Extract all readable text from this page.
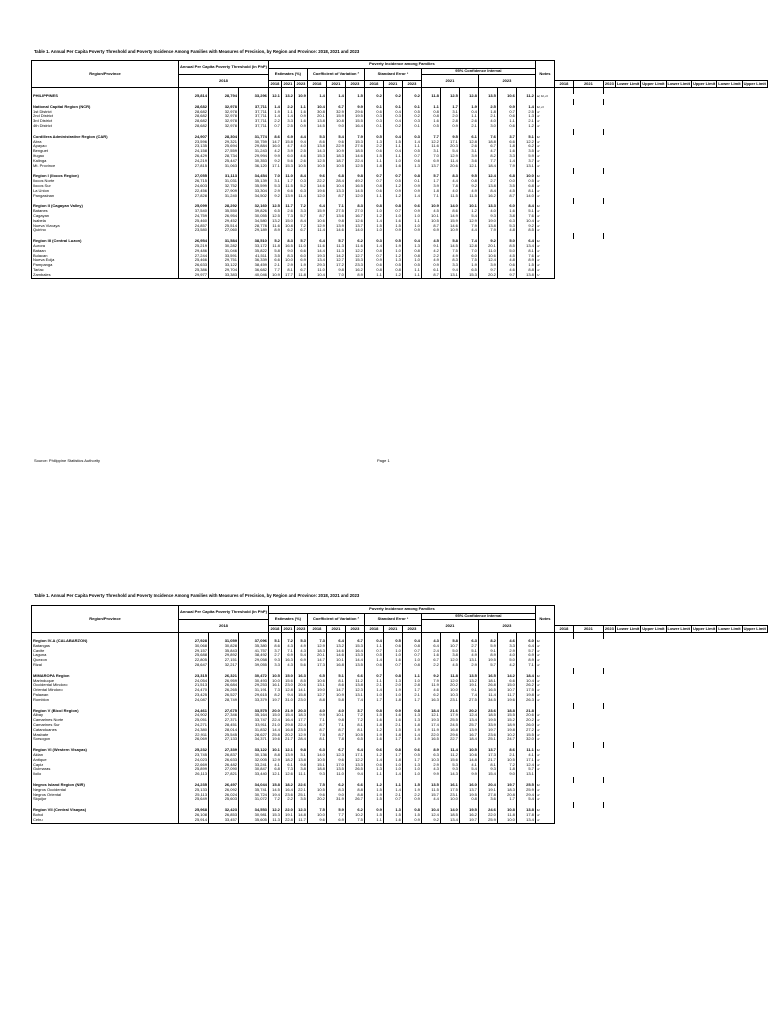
Table 1. Annual Per Capita Poverty Threshold and Poverty Incidence Among Families with Measures of Precision, by Region and Province: 2018, 2021 and 2023
Region/Province	Annual Per Capita Poverty Threshold (in PhP)			Poverty Incidence among Families															Notes									
				Estimates (%)			Coefficient of Variation ²			Standard Error ³			95% Confidence Interval															
	2018												2021			2023												
				2018	2021	2023	2018	2021	2023	2018	2021	2023								2018	2021	2023	Lower Limit	Upper Limit	Lower Limit	Upper Limit	Lower Limit	Upper Limit

PHILIPPINES	25,814	28,794	33,296	12.1	13.2	10.9	1.4	1.4	1.5	0.2	0.2	0.2	11.8	12.5	12.8	13.5	10.6	11.2	a/, b/, c/									

National Capital Region (NCR)	28,682	32,978	37,711	1.4	2.2	1.1	10.4	6.7	9.9	0.1	0.1	0.1	1.1	1.7	1.9	2.5	0.9	1.4	b/, c/									
1st District	28,682	32,978	37,711	1.9	1.1	1.6	30.8	32.9	29.6	0.6	0.4	0.5	0.8	3.1	0.4	1.8	0.7	2.5	d/									
2nd District	28,682	32,978	37,711	1.4	1.4	0.9	20.1	15.9	19.5	0.3	0.3	0.2	0.8	2.0	1.1	2.1	0.6	1.3	d/									
3rd District	28,682	32,978	37,711	2.2	3.3	1.6	13.8	10.8	15.5	0.3	0.4	0.3	1.6	2.8	2.6	4.0	1.1	2.1	d/									
4th District	28,682	32,978	37,711	0.7	2.5	0.9	14.5	9.0	16.4	0.1	0.2	0.1	0.5	0.9	2.1	3.0	0.6	1.2	d/									

Cordillera Administrative Region (CAR)	24,907	28,304	31,774	8.6	6.9	4.4	5.3	5.4	7.9	0.5	0.4	0.3	7.7	9.5	6.1	7.6	3.7	5.1	b/									
Abra	23,596	29,321	30,759	14.7	15.8	9.4	8.6	9.6	15.3	1.3	1.5	1.4	12.2	17.1	12.8	18.8	6.6	12.2	d/									
Apayao	23,135	25,694	29,884	16.0	4.7	4.0	13.8	22.9	27.6	2.2	1.1	1.1	11.6	20.3	2.6	6.7	1.8	6.2	d/									
Benguet	24,158	27,559	31,243	4.2	3.9	2.5	14.3	10.9	18.5	0.6	0.4	0.5	3.1	5.4	3.1	4.7	1.6	3.5	d/									
Ifugao	26,429	28,734	29,994	9.9	6.0	4.6	15.3	18.3	14.6	1.5	1.1	0.7	7.0	12.9	3.9	8.2	3.3	5.9	d/									
Kalinga	24,219	25,447	30,353	9.2	5.6	2.6	12.5	18.7	22.4	1.1	1.0	0.6	6.9	11.4	3.6	7.7	1.4	3.7	d/									
Mt. Province	27,815	31,063	36,120	17.1	15.3	10.5	10.5	10.5	12.5	1.8	1.6	1.3	13.7	20.6	12.1	18.4	7.9	13.1	d/									

Region I (Ilocos Region)	27,055	31,113	34,454	7.0	11.0	8.4	9.6	6.8	9.8	0.7	0.7	0.8	5.7	8.3	9.5	12.4	6.8	10.0	b/									
Ilocos Norte	26,715	31,031	35,139	3.1	1.7	0.3	22.2	28.4	49.2	0.7	0.5	0.1	1.7	4.4	0.8	2.7	0.0	0.5	d/									
Ilocos Sur	24,603	32,752	35,599	5.3	11.5	5.2	14.6	10.4	16.5	0.8	1.2	0.9	3.9	7.8	9.2	13.8	3.5	6.8	d/									
La Union	22,456	27,909	33,304	2.9	6.6	6.3	19.6	13.3	14.5	0.6	0.9	0.9	1.8	4.0	4.9	8.4	4.5	8.1	d/									
Pangasinan	27,828	31,240	34,502	9.2	13.9	11.4	12.0	8.7	12.0	1.1	1.2	1.4	7.1	11.5	11.5	16.2	8.7	14.0	d/									

Region II (Cagayan Valley)	25,099	28,292	32,160	12.5	11.7	7.2	6.4	7.1	8.3	0.8	0.8	0.6	10.9	14.0	10.1	13.3	6.0	8.4	b/									
Batanes	37,540	35,550	39,826	6.5	2.6	3.3	15.9	27.5	27.0	1.0	0.7	0.9	4.5	8.6	1.2	4.0	1.6	5.1	d/									
Cagayan	24,759	26,954	30,055	12.5	7.3	5.7	8.7	13.6	16.7	1.2	1.0	1.0	10.1	14.9	5.4	9.3	3.8	7.6	d/									
Isabela	25,460	29,452	34,580	13.2	15.0	8.4	10.6	9.8	12.6	1.4	1.6	1.1	10.5	15.9	12.9	19.0	6.3	10.4	d/									
Nueva Vizcaya	24,857	25,514	28,778	11.6	10.8	7.2	12.9	13.9	13.7	1.5	1.5	1.0	8.7	14.6	7.9	13.8	5.3	9.2	d/									
Quirino	23,580	27,060	29,189	8.9	6.2	6.7	11.4	14.6	14.0	1.0	0.9	0.9	6.9	10.9	4.4	7.9	4.8	8.5	d/									

Region III (Central Luzon)	26,954	31,584	38,510	5.2	8.3	5.7	6.4	5.7	6.2	0.3	0.5	0.4	4.5	5.8	7.4	9.2	5.0	6.4	b/									
Aurora	25,219	30,282	33,172	11.8	16.5	11.0	11.6	11.3	11.6	1.4	1.9	1.3	9.1	14.5	12.8	20.1	8.5	13.4	d/									
Bataan	29,486	31,046	35,822	5.8	9.0	6.6	14.4	11.3	12.2	0.8	1.0	0.8	4.2	7.5	7.0	11.0	5.0	8.1	d/									
Bulacan	27,244	33,591	41,511	3.5	8.3	6.0	19.3	14.2	12.7	0.7	1.2	0.8	2.2	4.9	6.0	10.6	4.5	7.6	d/									
Nueva Ecija	25,466	29,751	36,339	6.6	10.0	6.9	13.4	12.7	15.3	0.9	1.3	1.0	4.9	8.3	7.5	12.4	4.8	8.9	d/									
Pampanga	26,633	33,122	38,459	2.1	2.9	1.9	29.3	17.2	23.3	0.6	0.5	0.5	0.9	3.3	1.9	3.9	0.6	1.5	d/									
Tarlac	25,386	29,704	36,682	7.7	8.1	6.7	11.0	9.8	16.2	0.8	0.8	1.1	6.1	9.4	6.5	9.7	4.6	8.8	d/									
Zambales	29,977	33,383	40,046	10.9	17.7	11.8	10.4	7.0	8.9	1.1	1.2	1.1	8.7	13.1	15.3	20.2	9.7	13.8	b/									
Source: Philippine Statistics Authority	Page 1
Table 1. Annual Per Capita Poverty Threshold and Poverty Incidence Among Families with Measures of Precision, by Region and Province: 2018, 2021 and 2023
Region/Province	Annual Per Capita Poverty Threshold (in PhP)			Poverty Incidence among Families															Notes									
				Estimates (%)			Coefficient of Variation ²			Standard Error ³			95% Confidence Interval															
	2018												2021			2023												
				2018	2021	2023	2018	2021	2023	2018	2021	2023								2018	2021	2023	Lower Limit	Upper Limit	Lower Limit	Upper Limit	Lower Limit	Upper Limit

Region IV-A (CALABARZON)	27,928	31,059	37,096	5.1	7.2	5.3	7.3	6.4	6.7	0.4	0.5	0.4	4.3	5.8	6.3	8.2	4.6	6.0	b/									
Batangas	30,068	30,828	35,380	8.6	4.3	4.9	12.9	13.2	15.3	1.1	0.6	0.8	6.4	10.7	2.7	5.9	3.3	6.4	d/									
Cavite	29,157	35,843	41,757	3.7	7.1	4.3	18.3	14.6	16.4	0.7	1.0	0.7	2.4	5.0	5.1	9.1	2.9	5.7	d/									
Laguna	25,688	29,892	38,492	2.7	6.9	5.4	20.1	14.6	13.3	0.5	1.0	0.7	1.6	3.8	4.9	8.9	4.0	6.9	d/									
Quezon	22,805	27,151	29,058	9.3	16.3	6.9	14.7	10.1	14.4	1.4	1.6	1.0	6.7	12.0	13.1	19.5	5.0	8.9	d/									
Rizal	28,647	32,217	39,055	3.3	4.3	5.6	17.3	16.8	13.5	0.6	0.7	0.8	2.2	4.5	2.9	5.7	4.2	7.1	d/									

MIMAROPA Region	23,315	26,321	30,472	10.5	15.0	16.3	6.5	5.1	6.6	0.7	0.8	1.1	9.2	11.8	13.5	16.5	14.2	18.4	b/									
Marinduque	24,054	26,959	30,493	10.0	15.6	8.5	10.6	8.1	11.2	1.1	1.3	1.0	7.9	12.0	13.2	18.1	6.6	10.4	d/									
Occidental Mindoro	21,513	26,684	29,253	16.1	23.0	20.6	13.1	8.6	13.8	2.1	2.0	2.8	11.9	20.2	19.1	26.8	15.0	26.2	d/									
Oriental Mindoro	24,470	26,265	31,191	7.3	12.8	14.1	19.0	14.7	12.3	1.4	1.9	1.7	4.6	10.0	9.1	16.5	10.7	17.5	d/									
Palawan	23,425	26,527	29,615	8.2	9.4	15.8	12.7	10.9	13.1	1.0	1.0	2.1	6.2	10.3	7.4	11.4	11.7	19.8	d/									
Romblon	24,087	28,749	33,379	19.7	31.0	23.0	8.8	5.8	7.4	1.7	1.8	1.7	16.3	23.1	27.5	34.5	19.6	26.3	d/									

Region V (Bicol Region)	24,461	27,675	33,575	20.0	21.9	20.3	4.0	4.0	3.7	0.8	0.9	0.8	18.4	21.6	20.2	23.6	18.8	21.8										
Albay	24,902	27,346	35,164	15.0	15.4	18.3	9.9	10.1	7.2	1.5	1.6	1.3	12.1	17.9	12.4	18.5	15.5	20.6	d/									
Camarines Norte	25,051	27,371	33,747	22.4	16.4	17.7	7.1	9.8	7.2	1.6	1.6	1.3	19.3	25.5	13.4	19.5	15.2	20.2	d/									
Camarines Sur	24,271	28,451	33,911	21.0	29.8	22.4	8.7	7.1	8.1	1.8	2.1	1.8	17.4	24.5	25.7	33.9	18.9	26.0	d/									
Catanduanes	24,380	28,014	31,832	14.4	16.8	23.5	8.7	8.7	8.1	1.2	1.5	1.9	11.9	16.8	13.9	19.7	19.8	27.2	d/									
Masbate	22,911	25,545	28,627	25.8	20.2	12.9	7.5	8.7	10.5	1.9	1.8	1.4	22.0	29.6	16.7	23.6	10.2	15.5	d/									
Sorsogon	26,069	27,133	34,371	19.6	21.7	28.4	8.1	7.8	6.5	1.6	1.7	1.9	16.5	22.7	18.4	25.1	24.7	32.0	d/									

Region VI (Western Visayas)	25,232	27,339	33,122	10.1	12.1	9.8	6.3	6.7	6.4	0.6	0.8	0.6	8.9	11.4	10.5	13.7	8.6	11.1	b/									
Aklan	23,745	26,837	30,136	8.8	13.9	3.1	14.0	12.3	17.1	1.2	1.7	0.5	6.3	11.2	10.6	17.3	2.1	4.1	d/									
Antique	24,023	26,633	32,005	12.9	18.2	13.8	10.5	9.6	12.2	1.4	1.8	1.7	10.3	15.6	14.8	21.7	10.5	17.1	d/									
Capiz	22,669	26,482	33,241	4.1	6.1	9.8	15.1	17.0	13.3	0.6	1.0	1.3	2.9	5.3	4.1	8.1	7.2	12.4	d/									
Guimaras	25,899	27,090	30,847	6.8	7.3	3.8	18.8	13.5	26.5	1.3	1.0	1.0	4.3	9.3	5.4	9.3	1.8	5.7	d/									
Iloilo	26,113	27,821	33,440	12.1	12.6	11.1	9.3	11.0	9.4	1.1	1.4	1.0	9.9	14.3	9.9	15.4	9.0	13.1										

Negros Island Region (NIR)	24,235	26,497	34,044	15.8	18.2	22.6	7.5	6.2	6.6	1.2	1.1	1.5	13.5	16.1	16.0	20.4	19.7	25.5	b/									
Negros Occidental	25,133	26,092	35,741	14.5	16.4	22.1	10.5	8.3	8.8	1.5	1.4	1.9	11.5	17.5	13.7	19.1	18.3	25.9	d/									
Negros Oriental	25,113	26,024	30,724	19.4	23.6	25.1	9.6	9.0	8.8	1.9	2.1	2.2	15.7	23.1	19.5	27.8	20.8	29.4	d/									
Siquijor	25,649	25,603	31,072	7.2	2.2	3.5	20.2	31.9	26.7	1.5	0.7	0.9	4.4	10.0	0.8	3.6	1.7	5.4	d/									

Region VII (Central Visayas)	25,968	32,423	34,553	12.2	22.0	12.3	7.5	5.9	6.2	0.9	1.3	0.8	10.4	14.0	19.5	24.6	10.8	13.8	b/									
Bohol	26,108	26,853	30,981	15.3	19.1	14.8	10.0	7.7	10.2	1.5	1.5	1.5	12.4	18.5	16.2	22.0	11.8	17.8	d/									
Cebu	25,914	33,457	35,605	11.3	22.8	11.7	9.6	6.9	7.5	1.1	1.6	0.9	9.2	13.4	19.7	25.9	10.0	13.4	d/									
